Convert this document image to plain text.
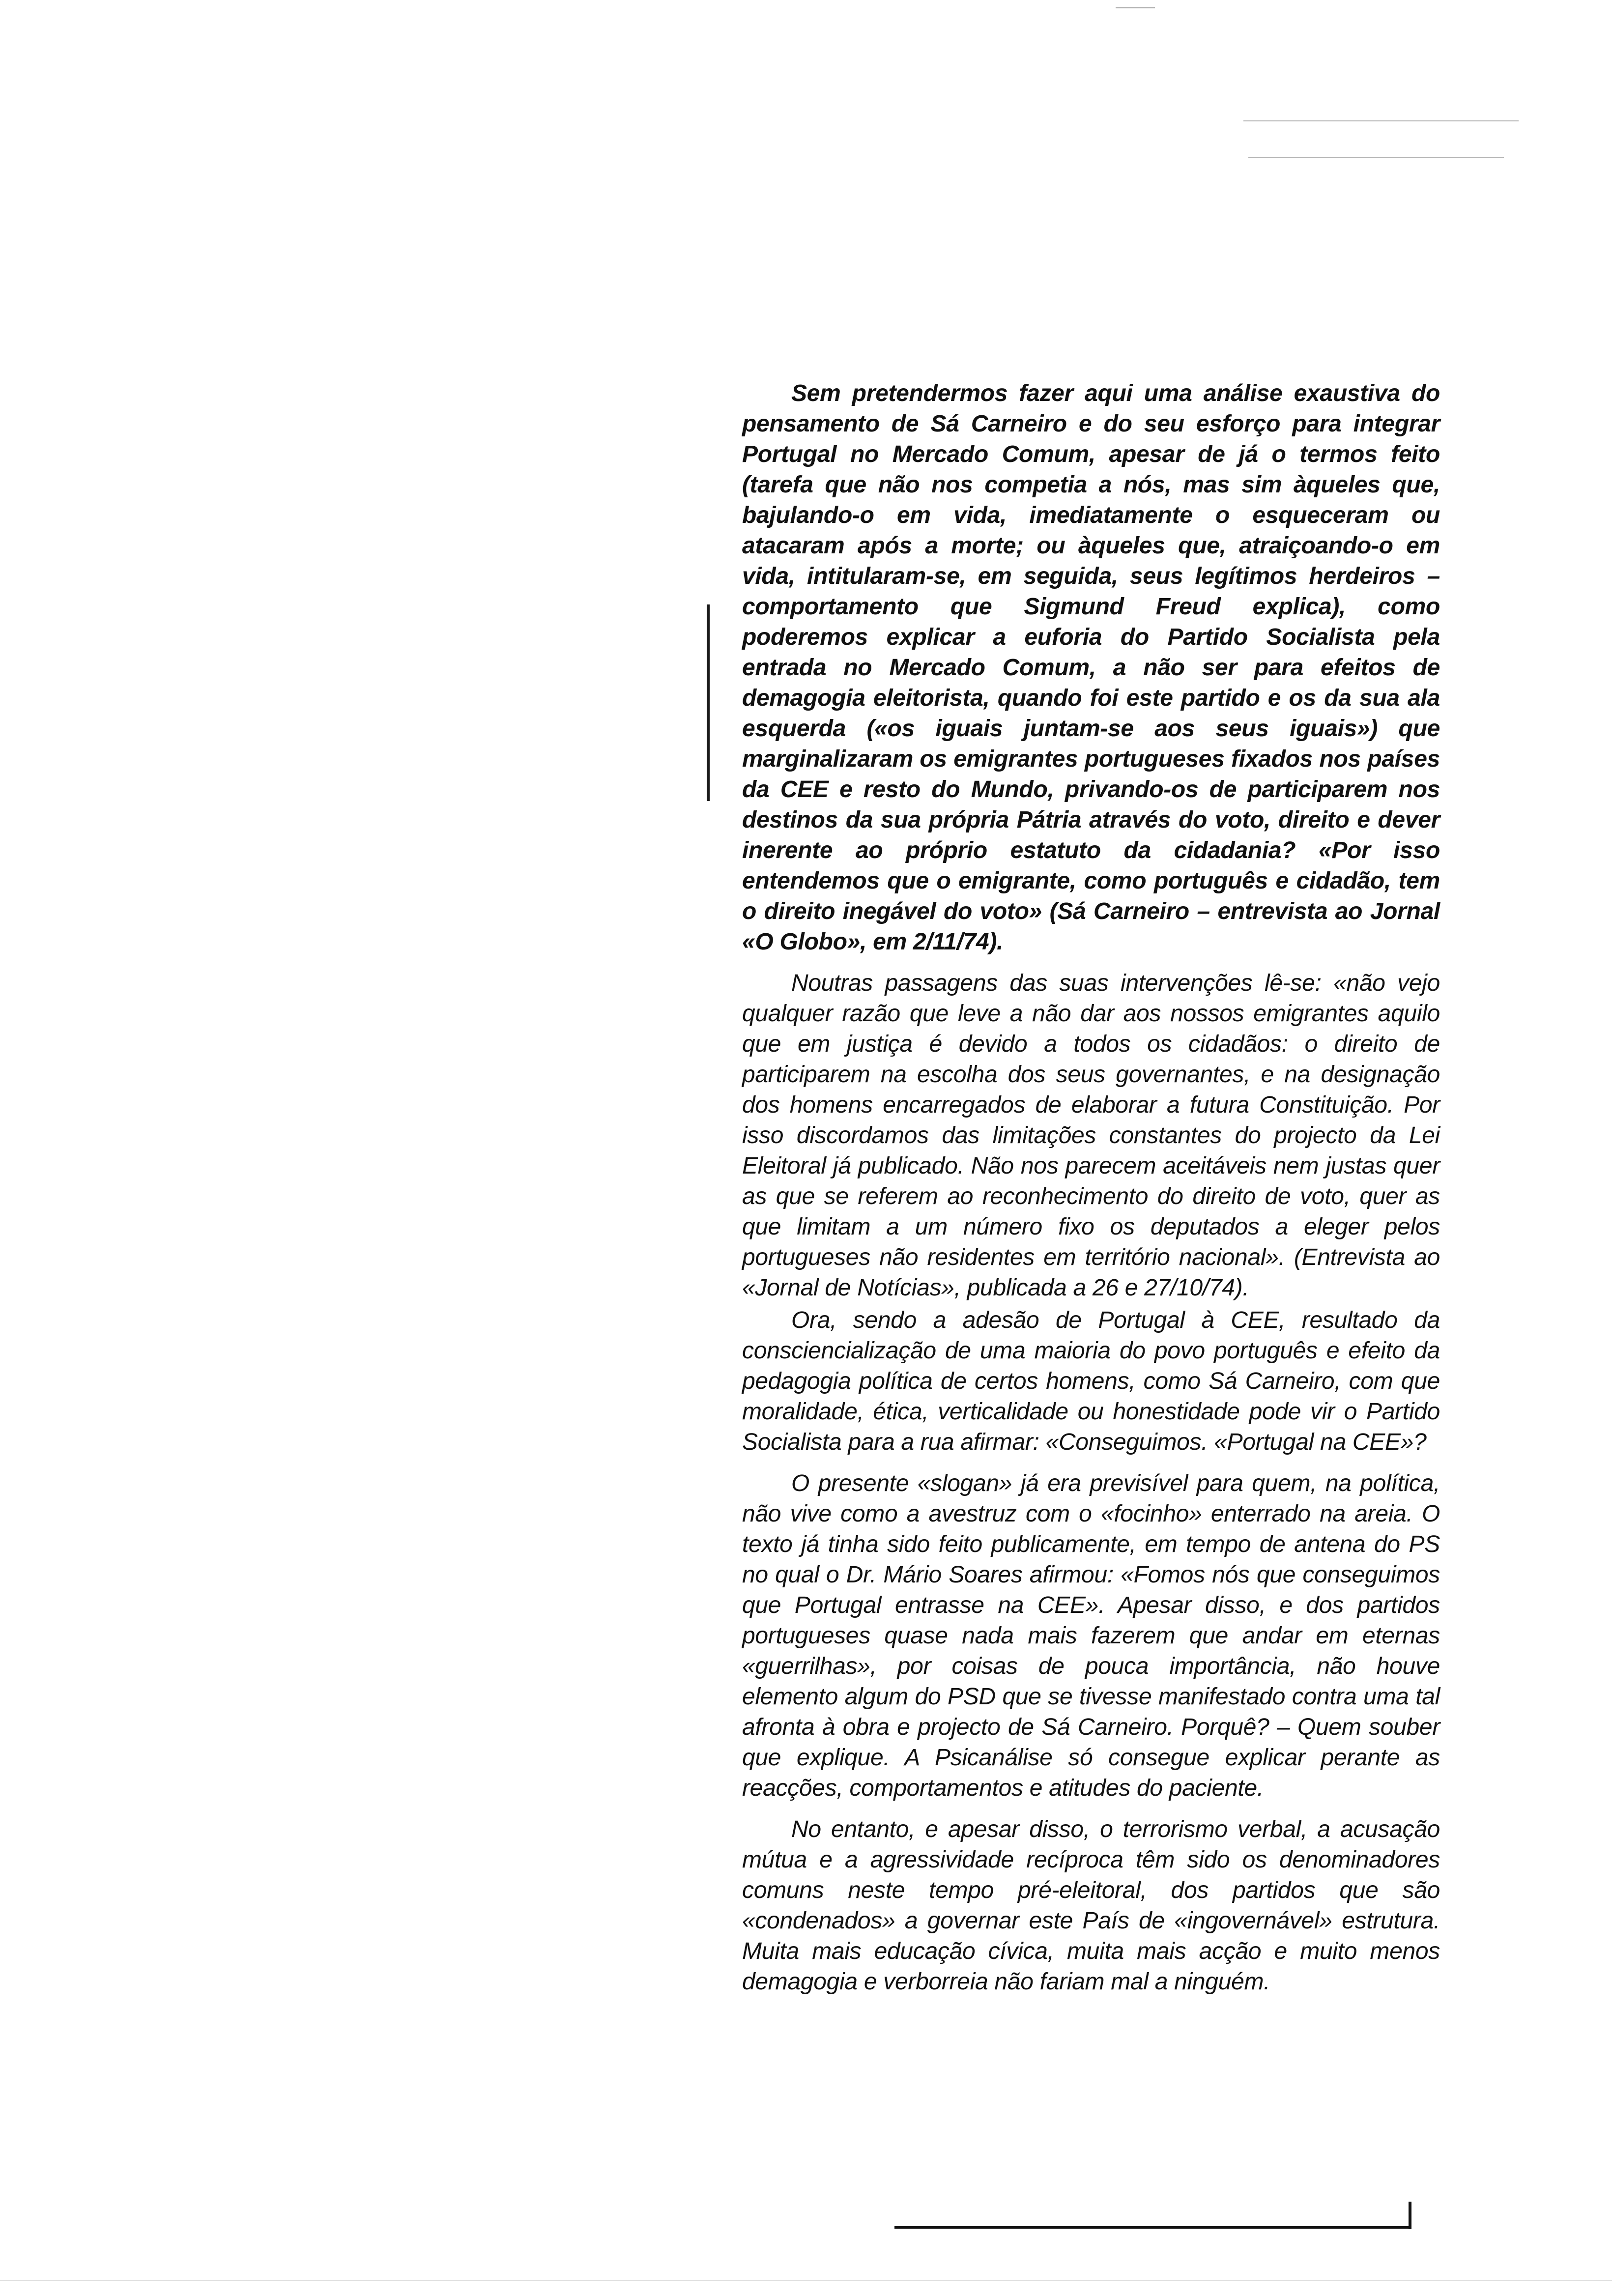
Sem pretendermos fazer aqui uma análise exaustiva do pensamento de Sá Carneiro e do seu esforço para integrar Portugal no Mercado Comum, apesar de já o termos feito (tarefa que não nos competia a nós, mas sim àqueles que, bajulando-o em vida, imediatamente o esqueceram ou atacaram após a morte; ou àqueles que, atraiçoando-o em vida, intitularam-se, em seguida, seus legítimos herdeiros – comportamento que Sigmund Freud explica), como poderemos explicar a euforia do Partido Socialista pela entrada no Mercado Comum, a não ser para efeitos de demagogia eleitorista, quando foi este partido e os da sua ala esquerda («os iguais juntam-se aos seus iguais») que marginalizaram os emigrantes portugueses fixados nos países da CEE e resto do Mundo, privando-os de participarem nos destinos da sua própria Pátria através do voto, direito e dever inerente ao próprio estatuto da cidadania? «Por isso entendemos que o emigrante, como português e cidadão, tem o direito inegável do voto» (Sá Carneiro – entrevista ao Jornal «O Globo», em 2/11/74).

Noutras passagens das suas intervenções lê-se: «não vejo qualquer razão que leve a não dar aos nossos emigrantes aquilo que em justiça é devido a todos os cidadãos: o direito de participarem na escolha dos seus governantes, e na designação dos homens encarregados de elaborar a futura Constituição. Por isso discordamos das limitações constantes do projecto da Lei Eleitoral já publicado. Não nos parecem aceitáveis nem justas quer as que se referem ao reconhecimento do direito de voto, quer as que limitam a um número fixo os deputados a eleger pelos portugueses não residentes em território nacional». (Entrevista ao «Jornal de Notícias», publicada a 26 e 27/10/74).

Ora, sendo a adesão de Portugal à CEE, resultado da consciencialização de uma maioria do povo português e efeito da pedagogia política de certos homens, como Sá Carneiro, com que moralidade, ética, verticalidade ou honestidade pode vir o Partido Socialista para a rua afirmar: «Conseguimos. «Portugal na CEE»?

O presente «slogan» já era previsível para quem, na política, não vive como a avestruz com o «focinho» enterrado na areia. O texto já tinha sido feito publicamente, em tempo de antena do PS no qual o Dr. Mário Soares afirmou: «Fomos nós que conseguimos que Portugal entrasse na CEE». Apesar disso, e dos partidos portugueses quase nada mais fazerem que andar em eternas «guerrilhas», por coisas de pouca importância, não houve elemento algum do PSD que se tivesse manifestado contra uma tal afronta à obra e projecto de Sá Carneiro. Porquê? – Quem souber que explique. A Psicanálise só consegue explicar perante as reacções, comportamentos e atitudes do paciente.

No entanto, e apesar disso, o terrorismo verbal, a acusação mútua e a agressividade recíproca têm sido os denominadores comuns neste tempo pré-eleitoral, dos partidos que são «condenados» a governar este País de «ingovernável» estrutura. Muita mais educação cívica, muita mais acção e muito menos demagogia e verborreia não fariam mal a ninguém.
